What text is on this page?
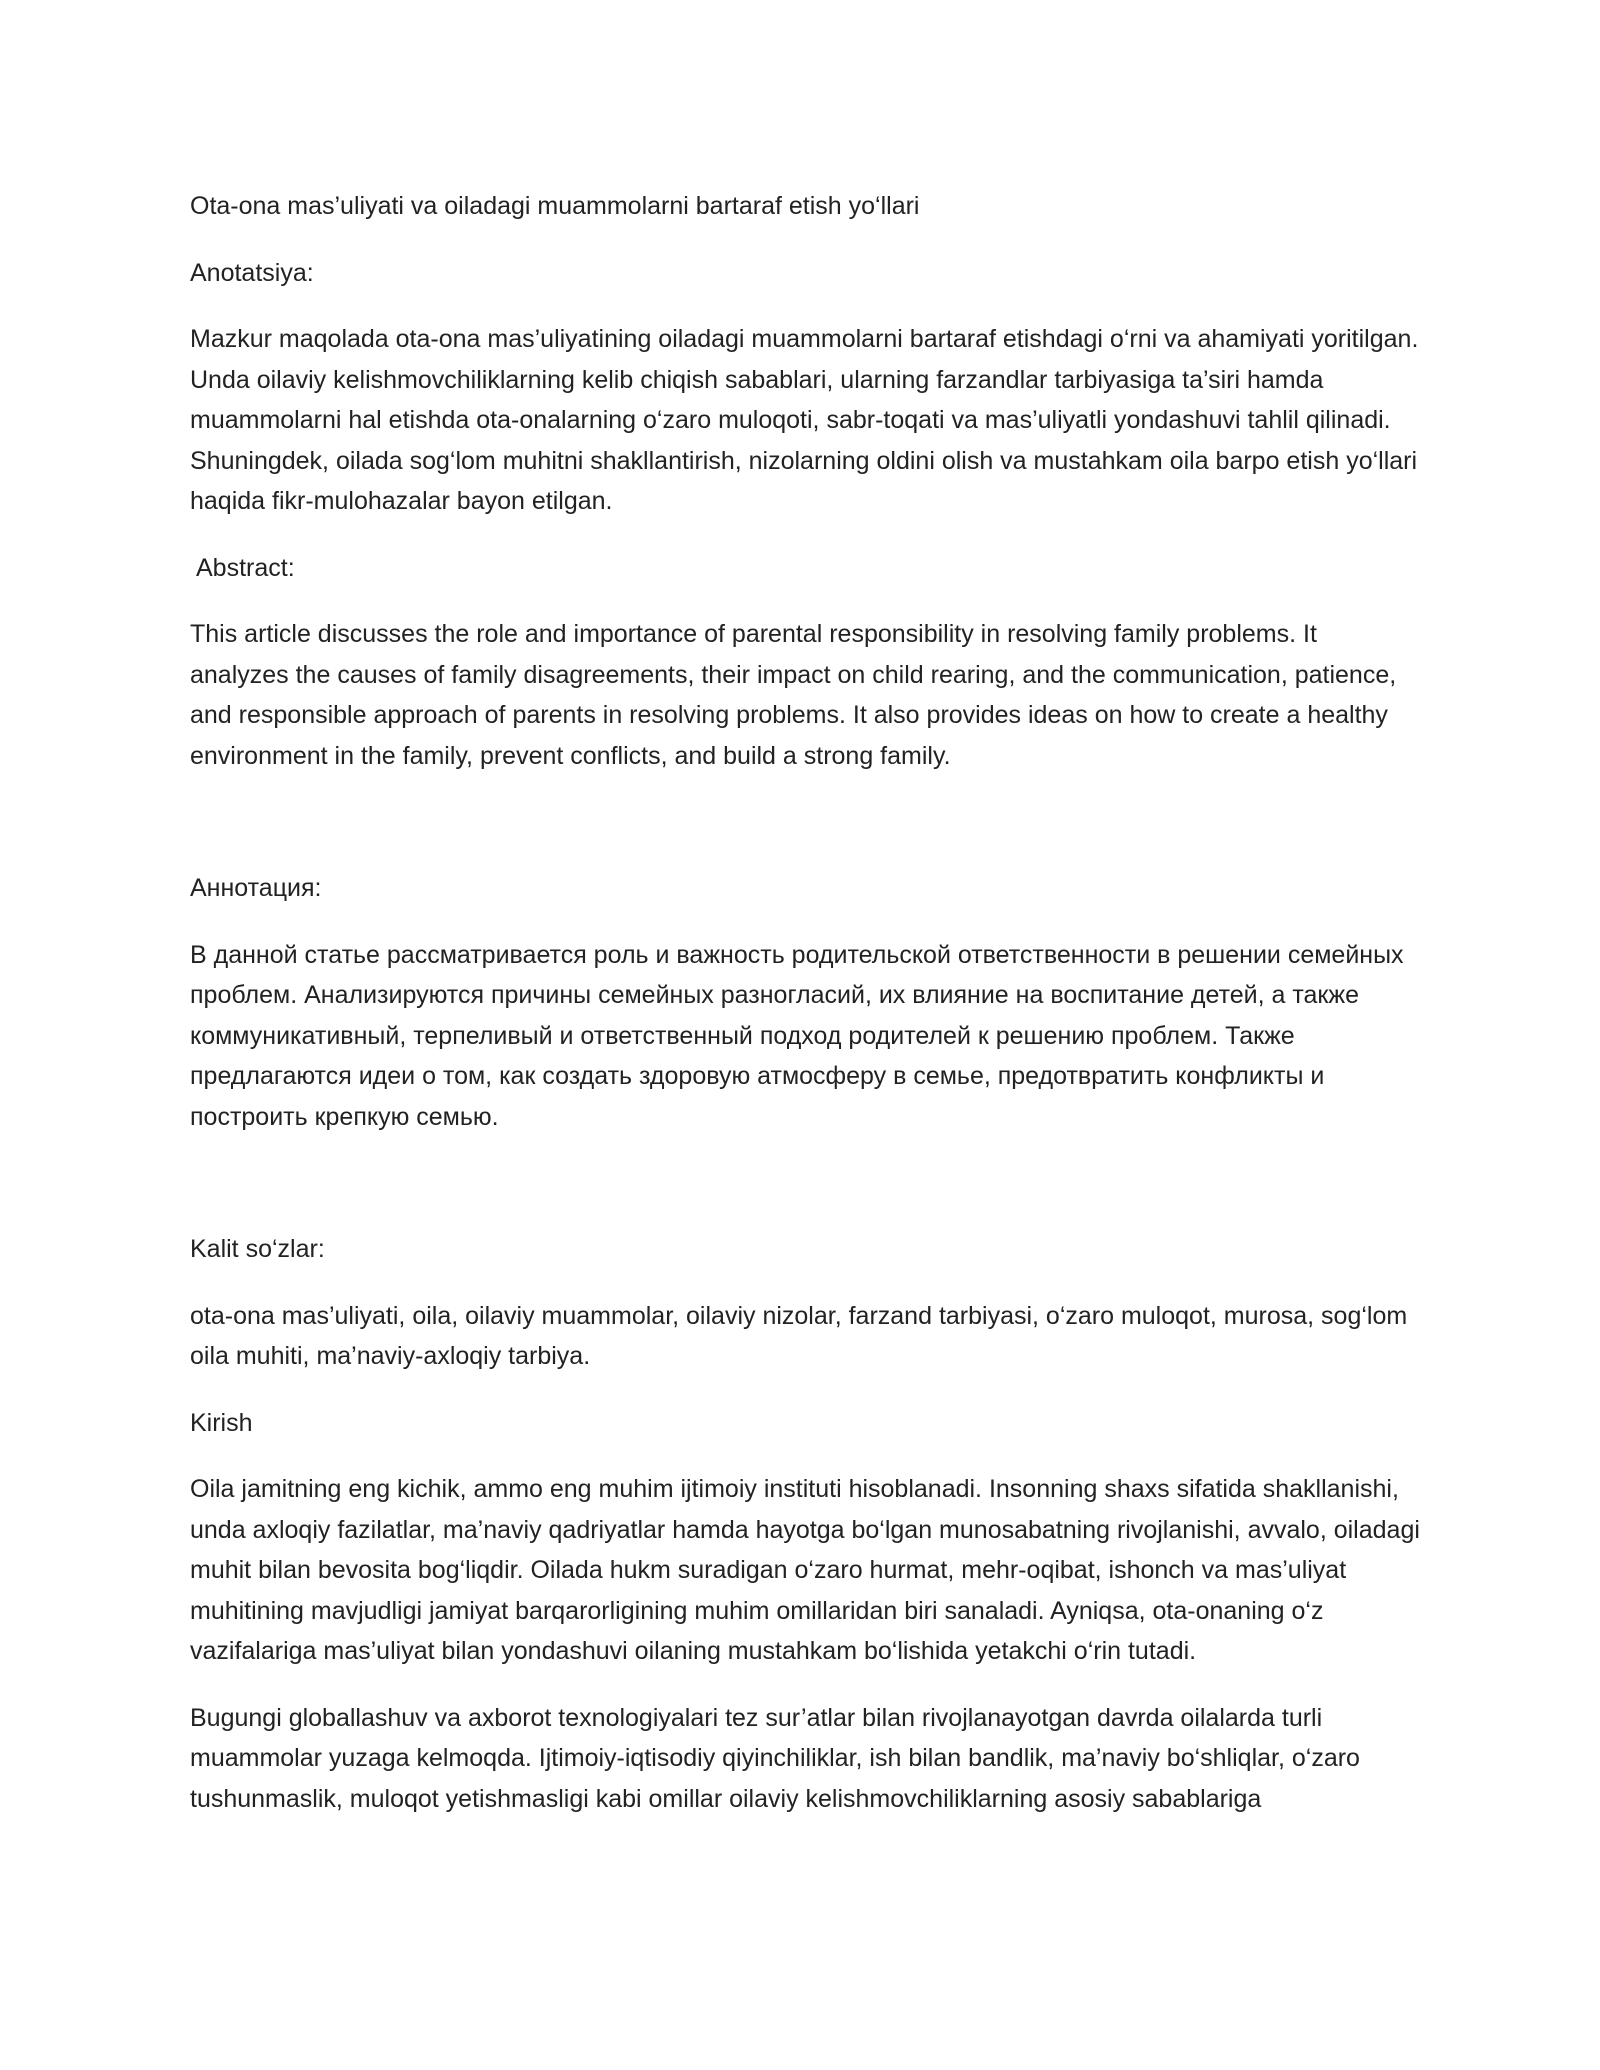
Ota-ona mas’uliyati va oiladagi muammolarni bartaraf etish yo‘llari

Anotatsiya:

Mazkur maqolada ota-ona mas’uliyatining oiladagi muammolarni bartaraf etishdagi o‘rni va ahamiyati yoritilgan. Unda oilaviy kelishmovchiliklarning kelib chiqish sabablari, ularning farzandlar tarbiyasiga ta’siri hamda muammolarni hal etishda ota-onalarning o‘zaro muloqoti, sabr-toqati va mas’uliyatli yondashuvi tahlil qilinadi. Shuningdek, oilada sog‘lom muhitni shakllantirish, nizolarning oldini olish va mustahkam oila barpo etish yo‘llari haqida fikr-mulohazalar bayon etilgan.

Abstract:

This article discusses the role and importance of parental responsibility in resolving family problems. It analyzes the causes of family disagreements, their impact on child rearing, and the communication, patience, and responsible approach of parents in resolving problems. It also provides ideas on how to create a healthy environment in the family, prevent conflicts, and build a strong family.

Аннотация:

В данной статье рассматривается роль и важность родительской ответственности в решении семейных проблем. Анализируются причины семейных разногласий, их влияние на воспитание детей, а также коммуникативный, терпеливый и ответственный подход родителей к решению проблем. Также предлагаются идеи о том, как создать здоровую атмосферу в семье, предотвратить конфликты и построить крепкую семью.

Kalit so‘zlar:

ota-ona mas’uliyati, oila, oilaviy muammolar, oilaviy nizolar, farzand tarbiyasi, o‘zaro muloqot, murosa, sog‘lom oila muhiti, ma’naviy-axloqiy tarbiya.

Kirish

Oila jamitning eng kichik, ammo eng muhim ijtimoiy instituti hisoblanadi. Insonning shaxs sifatida shakllanishi, unda axloqiy fazilatlar, ma’naviy qadriyatlar hamda hayotga bo‘lgan munosabatning rivojlanishi, avvalo, oiladagi muhit bilan bevosita bog‘liqdir. Oilada hukm suradigan o‘zaro hurmat, mehr-oqibat, ishonch va mas’uliyat muhitining mavjudligi jamiyat barqarorligining muhim omillaridan biri sanaladi. Ayniqsa, ota-onaning o‘z vazifalariga mas’uliyat bilan yondashuvi oilaning mustahkam bo‘lishida yetakchi o‘rin tutadi.

Bugungi globallashuv va axborot texnologiyalari tez sur’atlar bilan rivojlanayotgan davrda oilalarda turli muammolar yuzaga kelmoqda. Ijtimoiy-iqtisodiy qiyinchiliklar, ish bilan bandlik, ma’naviy bo‘shliqlar, o‘zaro tushunmaslik, muloqot yetishmasligi kabi omillar oilaviy kelishmovchiliklarning asosiy sabablariga
